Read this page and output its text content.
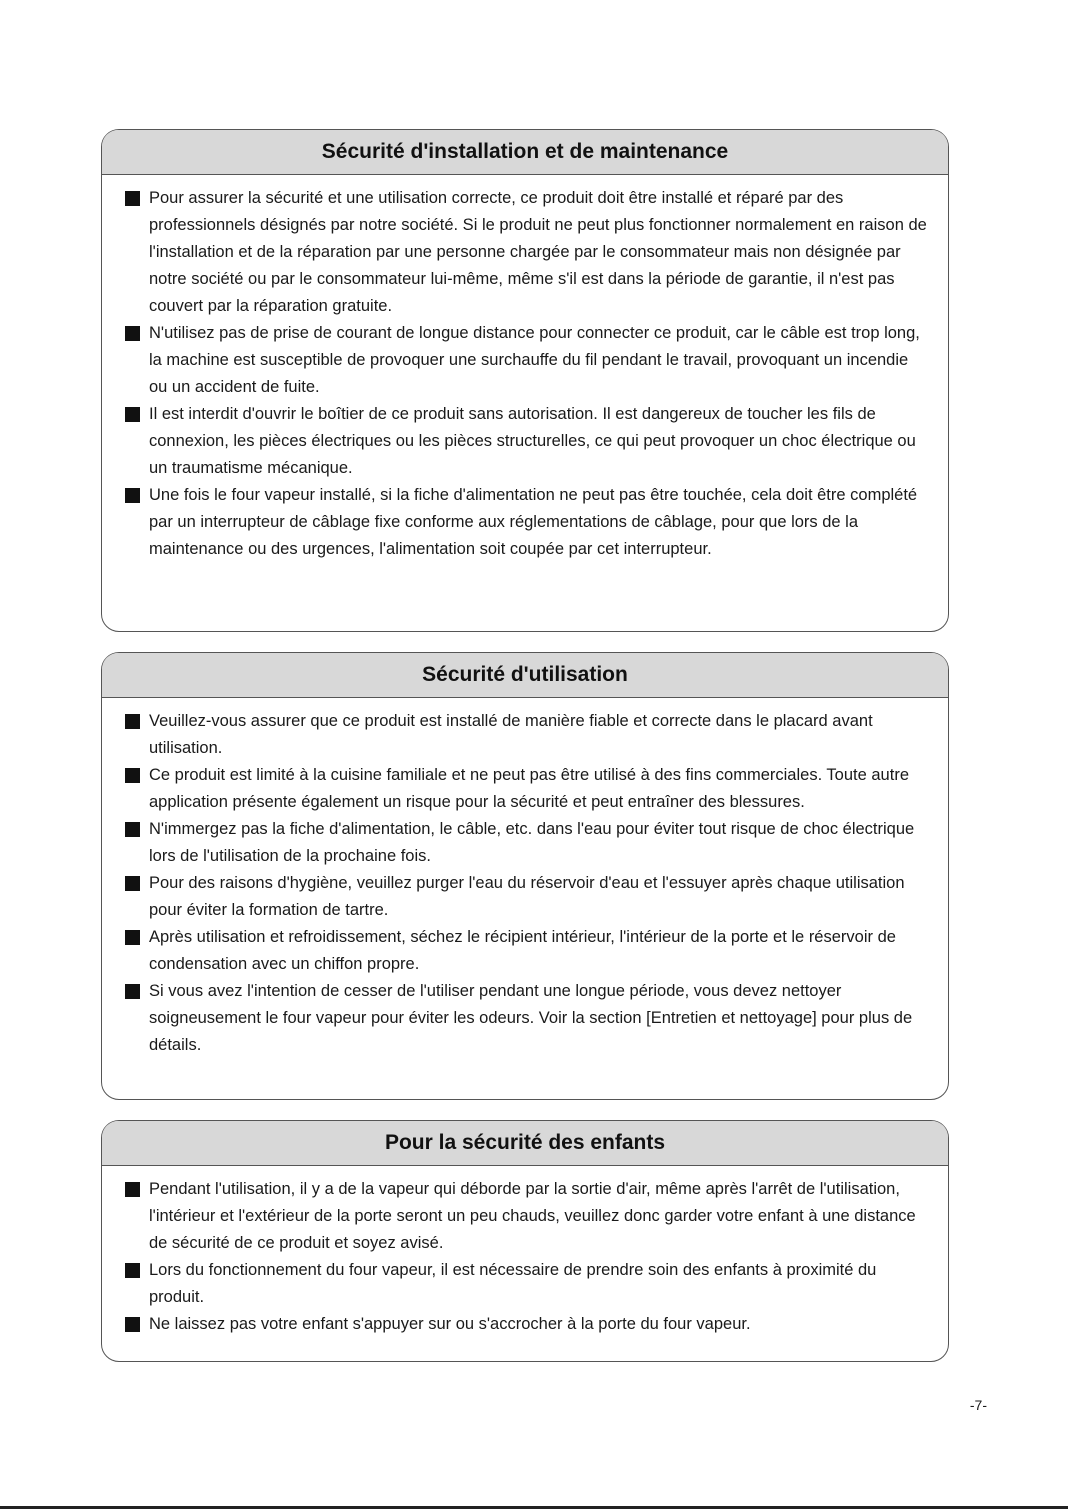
Sécurité d'installation et de maintenance
Pour assurer la sécurité et une utilisation correcte, ce produit doit être installé et réparé par des professionnels désignés par notre société. Si le produit ne peut plus fonctionner normalement en raison de l'installation et de la réparation par une personne chargée par le consommateur mais non désignée par notre société ou par le consommateur lui-même, même s'il est dans la période de garantie, il n'est pas couvert par la réparation gratuite.
N'utilisez pas de prise de courant de longue distance pour connecter ce produit, car le câble est trop long, la machine est susceptible de provoquer une surchauffe du fil pendant le travail, provoquant un incendie ou un accident de fuite.
Il est interdit d'ouvrir le boîtier de ce produit sans autorisation. Il est dangereux de toucher les fils de connexion, les pièces électriques ou les pièces structurelles, ce qui peut provoquer un choc électrique ou un traumatisme mécanique.
Une fois le four vapeur installé, si la fiche d'alimentation ne peut pas être touchée, cela doit être complété par un interrupteur de câblage fixe conforme aux réglementations de câblage, pour que lors de la maintenance ou des urgences, l'alimentation soit coupée par cet interrupteur.
Sécurité d'utilisation
Veuillez-vous assurer que ce produit est installé de manière fiable et correcte dans le placard avant utilisation.
Ce produit est limité à la cuisine familiale et ne peut pas être utilisé à des fins commerciales. Toute autre application présente également un risque pour la sécurité et peut entraîner des blessures.
N'immergez pas la fiche d'alimentation, le câble, etc. dans l'eau pour éviter tout risque de choc électrique lors de l'utilisation de la prochaine fois.
Pour des raisons d'hygiène, veuillez purger l'eau du réservoir d'eau et l'essuyer après chaque utilisation pour éviter la formation de tartre.
Après utilisation et refroidissement, séchez le récipient intérieur, l'intérieur de la porte et le réservoir de condensation avec un chiffon propre.
Si vous avez l'intention de cesser de l'utiliser pendant une longue période, vous devez nettoyer soigneusement le four vapeur pour éviter les odeurs. Voir la section [Entretien et nettoyage] pour plus de détails.
Pour la sécurité des enfants
Pendant l'utilisation, il y a de la vapeur qui déborde par la sortie d'air, même après l'arrêt de l'utilisation, l'intérieur et l'extérieur de la porte seront un peu chauds, veuillez donc garder votre enfant à une distance de sécurité de ce produit et soyez avisé.
Lors du fonctionnement du four vapeur, il est nécessaire de prendre soin des enfants à proximité du produit.
Ne laissez pas votre enfant s'appuyer sur ou s'accrocher à la porte du four vapeur.
-7-
